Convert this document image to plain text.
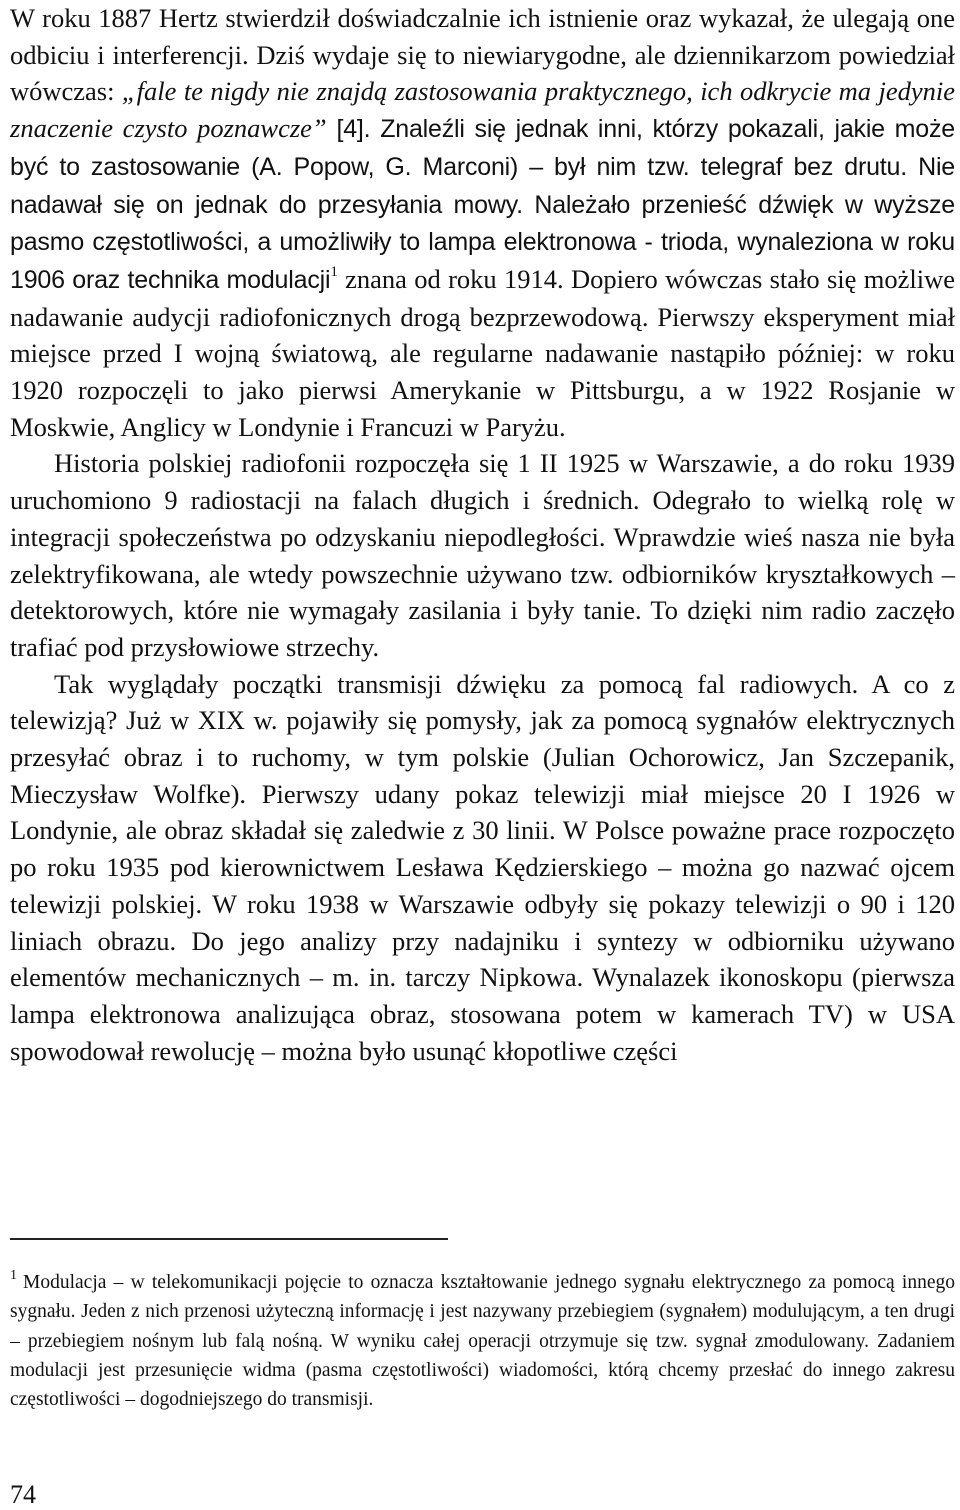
W roku 1887 Hertz stwierdził doświadczalnie ich istnienie oraz wykazał, że ulegają one odbiciu i interferencji. Dziś wydaje się to niewiarygodne, ale dziennikarzom powiedział wówczas: „fale te nigdy nie znajdą zastosowania praktycznego, ich odkrycie ma jedynie znaczenie czysto poznawcze” [4]. Znaleźli się jednak inni, którzy pokazali, jakie może być to zastosowanie (A. Popow, G. Marconi) – był nim tzw. telegraf bez drutu. Nie nadawał się on jednak do przesyłania mowy. Należało przenieść dźwięk w wyższe pasmo częstotliwości, a umożliwiły to lampa elektronowa - trioda, wynaleziona w roku 1906 oraz technika modulacji$^1$ znana od roku 1914. Dopiero wówczas stało się możliwe nadawanie audycji radiofonicznych drogą bezprzewodową. Pierwszy eksperyment miał miejsce przed I wojną światową, ale regularne nadawanie nastąpiło później: w roku 1920 rozpoczęli to jako pierwsi Amerykanie w Pittsburgu, a w 1922 Rosjanie w Moskwie, Anglicy w Londynie i Francuzi w Paryżu.

Historia polskiej radiofonii rozpoczęła się 1 II 1925 w Warszawie, a do roku 1939 uruchomiono 9 radiostacji na falach długich i średnich. Odegrało to wielką rolę w integracji społeczeństwa po odzyskaniu niepodległości. Wprawdzie wieś nasza nie była zelektryfikowana, ale wtedy powszechnie używano tzw. odbiorników kryształkowych – detektorowych, które nie wymagały zasilania i były tanie. To dzięki nim radio zaczęło trafiać pod przysłowiowe strzechy.

Tak wyglądały początki transmisji dźwięku za pomocą fal radiowych. A co z telewizją? Już w XIX w. pojawiły się pomysły, jak za pomocą sygnałów elektrycznych przesyłać obraz i to ruchomy, w tym polskie (Julian Ochorowicz, Jan Szczepanik, Mieczysław Wolfke). Pierwszy udany pokaz telewizji miał miejsce 20 I 1926 w Londynie, ale obraz składał się zaledwie z 30 linii. W Polsce poważne prace rozpoczęto po roku 1935 pod kierownictwem Lesława Kędzierskiego – można go nazwać ojcem telewizji polskiej. W roku 1938 w Warszawie odbyły się pokazy telewizji o 90 i 120 liniach obrazu. Do jego analizy przy nadajniku i syntezy w odbiorniku używano elementów mechanicznych – m. in. tarczy Nipkowa. Wynalazek ikonoskopu (pierwsza lampa elektronowa analizująca obraz, stosowana potem w kamerach TV) w USA spowodował rewolucję – można było usunąć kłopotliwe części

$^1$ Modulacja – w telekomunikacji pojęcie to oznacza kształtowanie jednego sygnału elektrycznego za pomocą innego sygnału. Jeden z nich przenosi użyteczną informację i jest nazywany przebiegiem (sygnałem) modulującym, a ten drugi – przebiegiem nośnym lub falą nośną. W wyniku całej operacji otrzymuje się tzw. sygnał zmodulowany. Zadaniem modulacji jest przesunięcie widma (pasma częstotliwości) wiadomości, którą chcemy przesłać do innego zakresu częstotliwości – dogodniejszego do transmisji.

74
